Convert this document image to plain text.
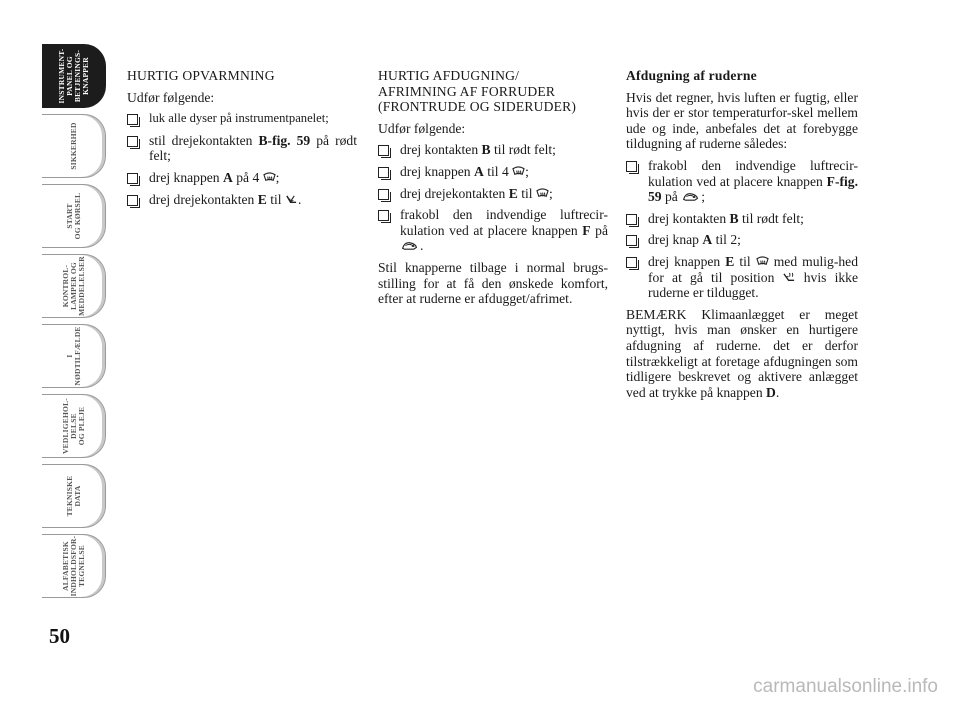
INSTRUMENT-
PANEL OG
BETJENINGS-
KNAPPER
SIKKERHED
START
OG KØRSEL
KONTROL-
LAMPER OG
MEDDELELSER
I
NØDTILFÆLDE
VEDLIGEHOL-
DELSE
OG PLEJE
TEKNISKE
DATA
ALFABETISK
INDHOLDSFOR-
TEGNELSE
50
HURTIG OPVARMNING

Udfør følgende:

luk alle dyser på instrumentpanelet;
stil drejekontakten B-fig. 59 på rødt felt;
drej knappen A på 4 ;
drej drejekontakten E til .
HURTIG AFDUGNING/
AFRIMNING AF FORRUDER
(FRONTRUDE OG SIDERUDER)

Udfør følgende:

drej kontakten B til rødt felt;
drej knappen A til 4 ;
drej drejekontakten E til ;
frakobl den indvendige luftrecir-kulation ved at placere knappen F på .

Stil knapperne tilbage i normal brugs-stilling for at få den ønskede komfort, efter at ruderne er afdugget/afrimet.

Afdugning af ruderne

Hvis det regner, hvis luften er fugtig, eller hvis der er stor temperaturfor-skel mellem ude og inde, anbefales det at forebygge tildugning af ruderne således:

frakobl den indvendige luftrecir-kulation ved at placere knappen F-fig. 59 på ;
drej kontakten B til rødt felt;
drej knap A til 2;
drej knappen E til  med mulig-hed for at gå til position  hvis ikke ruderne er tildugget.

BEMÆRK Klimaanlægget er meget nyttigt, hvis man ønsker en hurtigere afdugning af ruderne. det er derfor tilstrækkeligt at foretage afdugningen som tidligere beskrevet og aktivere anlægget ved at trykke på knappen D.

carmanualsonline.info
